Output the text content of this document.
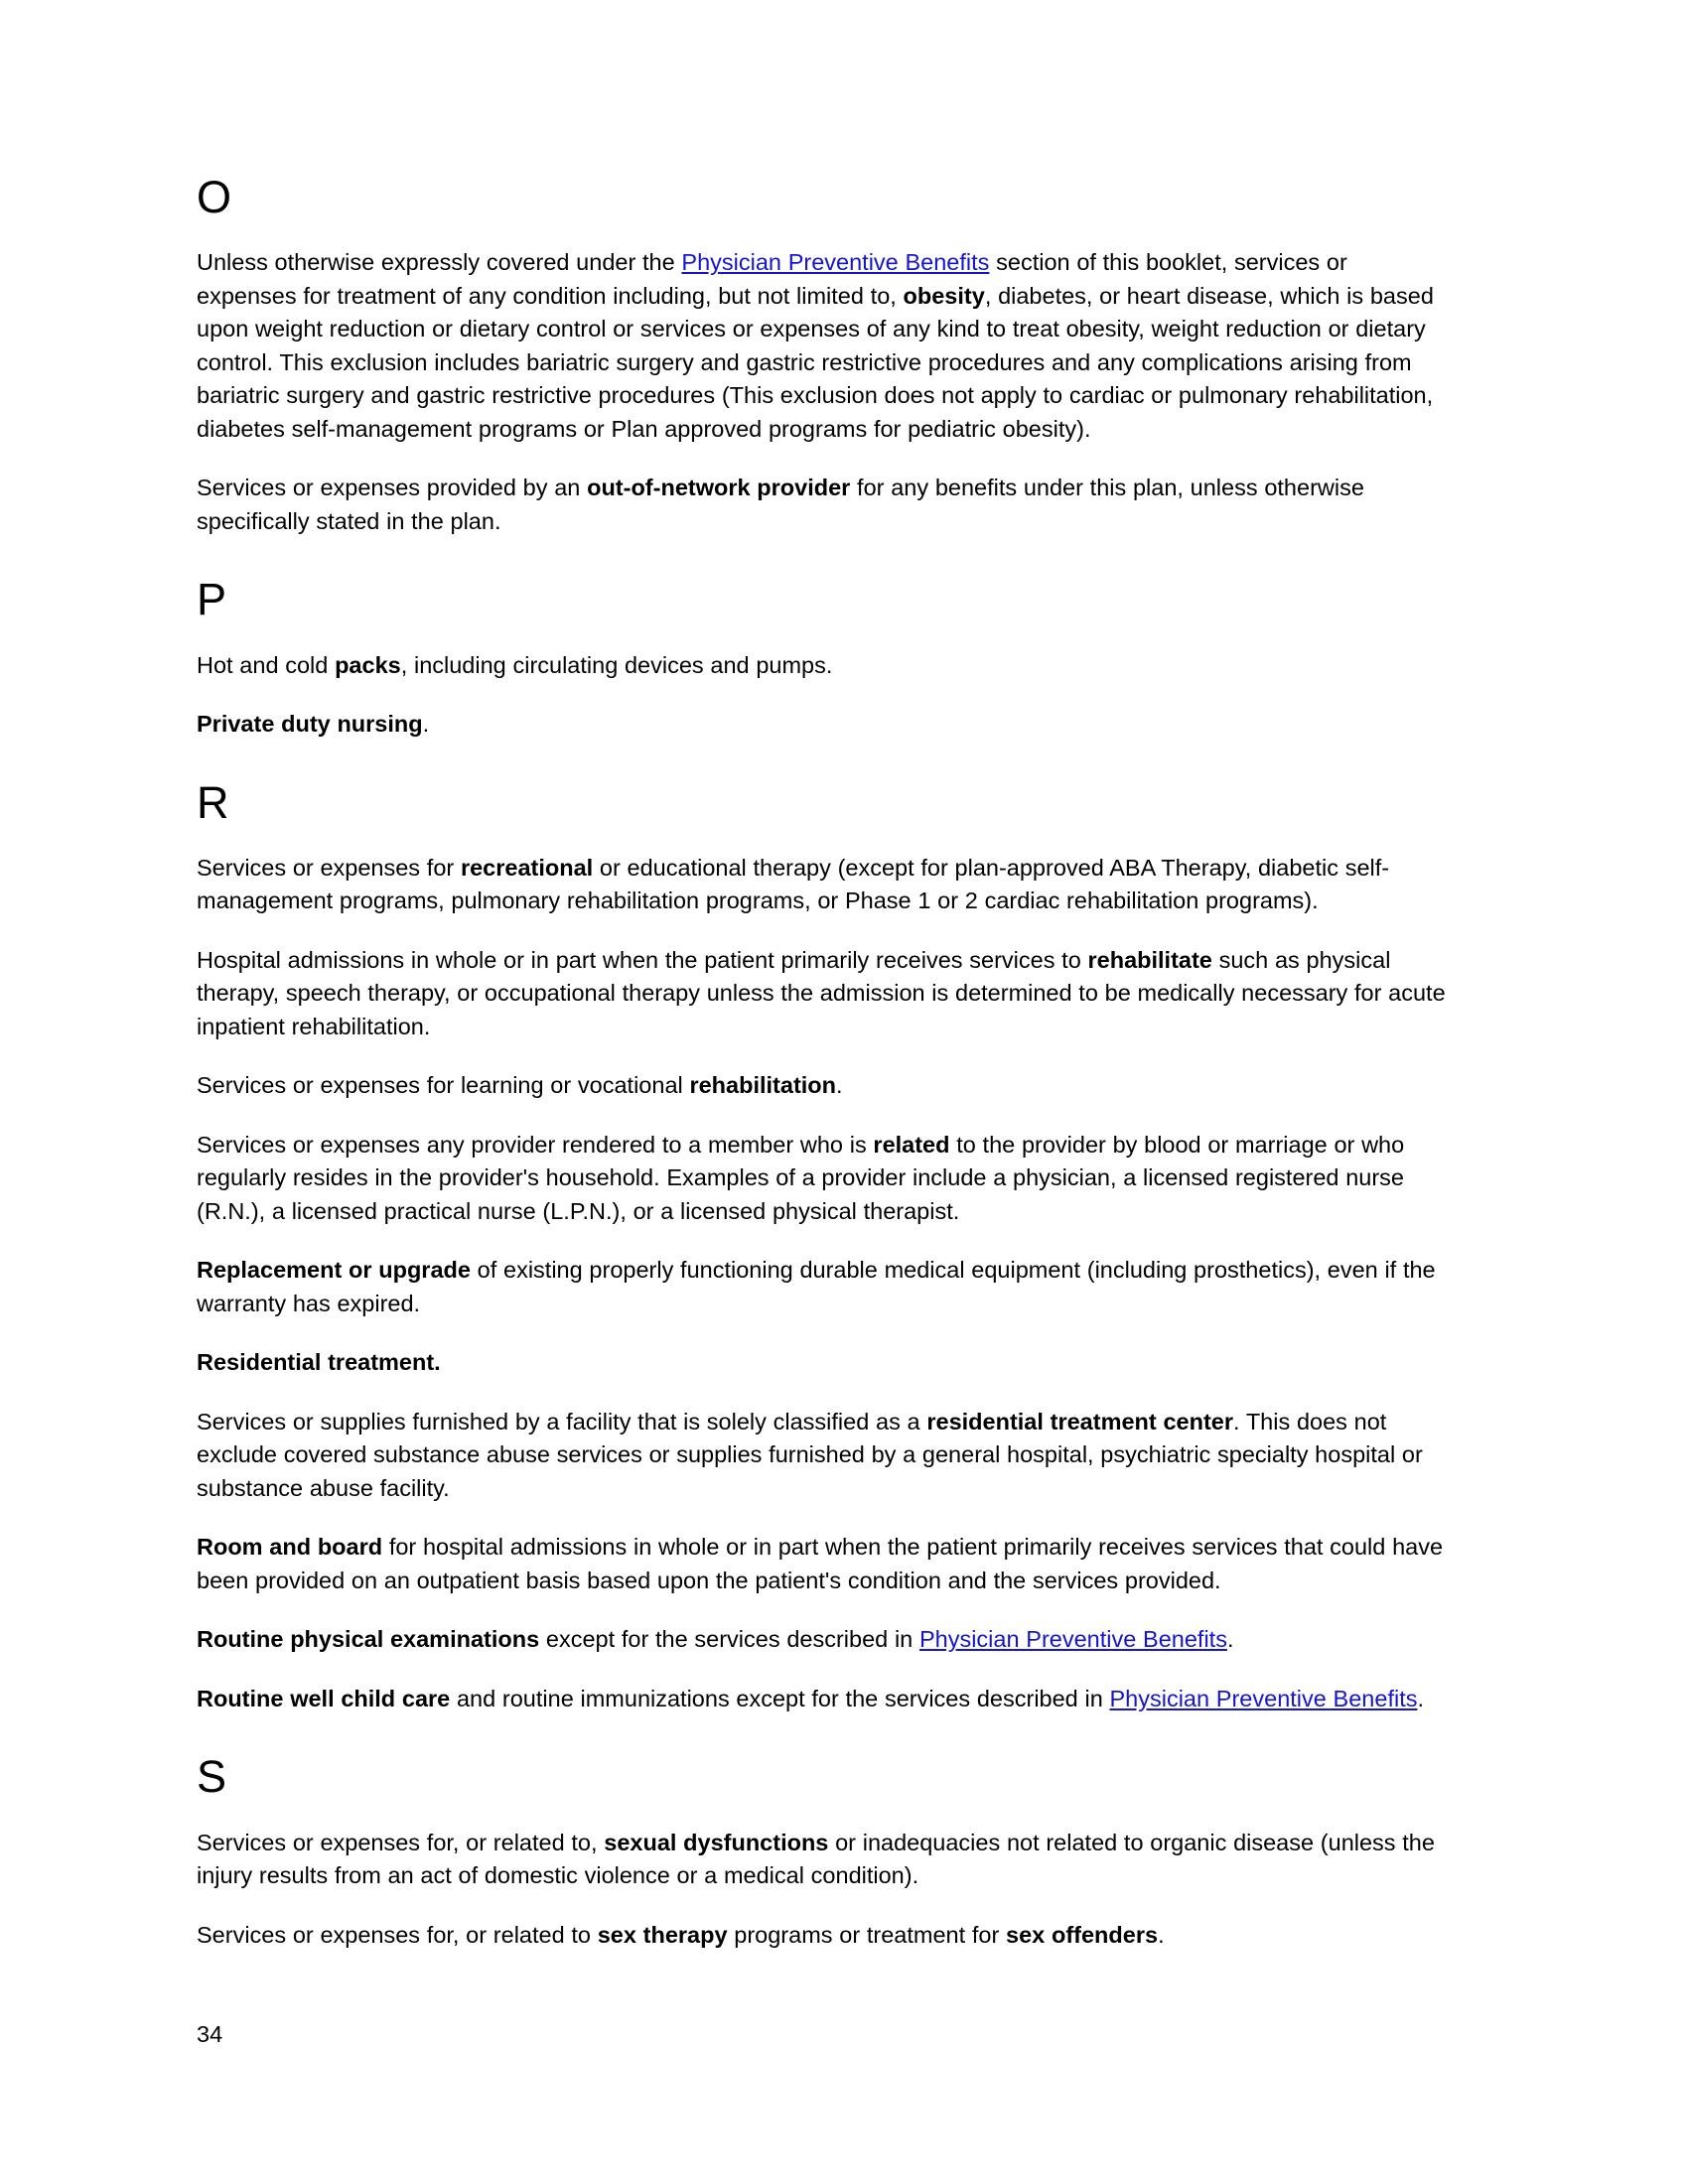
O

Unless otherwise expressly covered under the Physician Preventive Benefits section of this booklet, services or expenses for treatment of any condition including, but not limited to, obesity, diabetes, or heart disease, which is based upon weight reduction or dietary control or services or expenses of any kind to treat obesity, weight reduction or dietary control. This exclusion includes bariatric surgery and gastric restrictive procedures and any complications arising from bariatric surgery and gastric restrictive procedures (This exclusion does not apply to cardiac or pulmonary rehabilitation, diabetes self-management programs or Plan approved programs for pediatric obesity).

Services or expenses provided by an out-of-network provider for any benefits under this plan, unless otherwise specifically stated in the plan.

P

Hot and cold packs, including circulating devices and pumps.

Private duty nursing.

R

Services or expenses for recreational or educational therapy (except for plan-approved ABA Therapy, diabetic self-management programs, pulmonary rehabilitation programs, or Phase 1 or 2 cardiac rehabilitation programs).

Hospital admissions in whole or in part when the patient primarily receives services to rehabilitate such as physical therapy, speech therapy, or occupational therapy unless the admission is determined to be medically necessary for acute inpatient rehabilitation.

Services or expenses for learning or vocational rehabilitation.

Services or expenses any provider rendered to a member who is related to the provider by blood or marriage or who regularly resides in the provider's household. Examples of a provider include a physician, a licensed registered nurse (R.N.), a licensed practical nurse (L.P.N.), or a licensed physical therapist.

Replacement or upgrade of existing properly functioning durable medical equipment (including prosthetics), even if the warranty has expired.

Residential treatment.

Services or supplies furnished by a facility that is solely classified as a residential treatment center. This does not exclude covered substance abuse services or supplies furnished by a general hospital, psychiatric specialty hospital or substance abuse facility.

Room and board for hospital admissions in whole or in part when the patient primarily receives services that could have been provided on an outpatient basis based upon the patient's condition and the services provided.

Routine physical examinations except for the services described in Physician Preventive Benefits.

Routine well child care and routine immunizations except for the services described in Physician Preventive Benefits.

S

Services or expenses for, or related to, sexual dysfunctions or inadequacies not related to organic disease (unless the injury results from an act of domestic violence or a medical condition).

Services or expenses for, or related to sex therapy programs or treatment for sex offenders.

34
